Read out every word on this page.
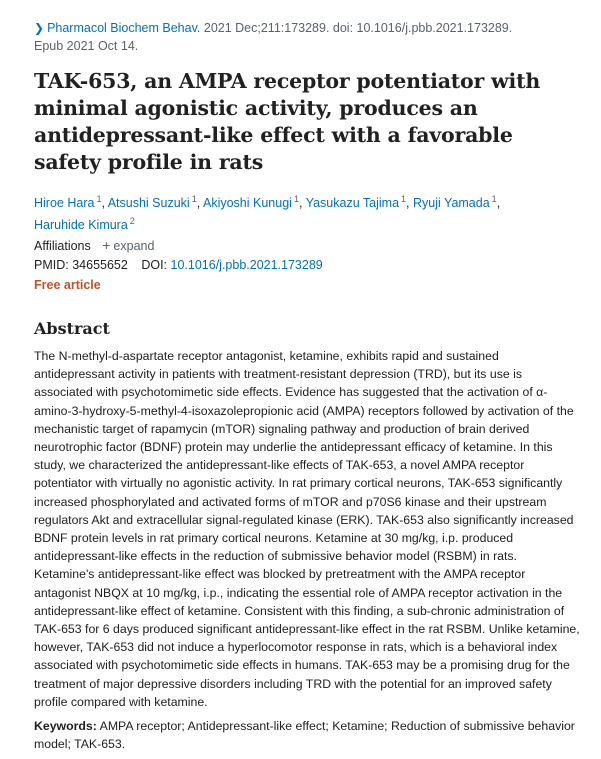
❯ Pharmacol Biochem Behav. 2021 Dec;211:173289. doi: 10.1016/j.pbb.2021.173289.
Epub 2021 Oct 14.
TAK-653, an AMPA receptor potentiator with minimal agonistic activity, produces an antidepressant-like effect with a favorable safety profile in rats
Hiroe Hara $^1$, Atsushi Suzuki $^1$, Akiyoshi Kunugi $^1$, Yasukazu Tajima $^1$, Ryuji Yamada $^1$,
Haruhide Kimura $^2$
Affiliations + expand
PMID: 34655652 DOI: 10.1016/j.pbb.2021.173289
Free article
Abstract

The N-methyl-d-aspartate receptor antagonist, ketamine, exhibits rapid and sustained antidepressant activity in patients with treatment-resistant depression (TRD), but its use is associated with psychotomimetic side effects. Evidence has suggested that the activation of α-amino-3-hydroxy-5-methyl-4-isoxazolepropionic acid (AMPA) receptors followed by activation of the mechanistic target of rapamycin (mTOR) signaling pathway and production of brain derived neurotrophic factor (BDNF) protein may underlie the antidepressant efficacy of ketamine. In this study, we characterized the antidepressant-like effects of TAK-653, a novel AMPA receptor potentiator with virtually no agonistic activity. In rat primary cortical neurons, TAK-653 significantly increased phosphorylated and activated forms of mTOR and p70S6 kinase and their upstream regulators Akt and extracellular signal-regulated kinase (ERK). TAK-653 also significantly increased BDNF protein levels in rat primary cortical neurons. Ketamine at 30 mg/kg, i.p. produced antidepressant-like effects in the reduction of submissive behavior model (RSBM) in rats. Ketamine's antidepressant-like effect was blocked by pretreatment with the AMPA receptor antagonist NBQX at 10 mg/kg, i.p., indicating the essential role of AMPA receptor activation in the antidepressant-like effect of ketamine. Consistent with this finding, a sub-chronic administration of TAK-653 for 6 days produced significant antidepressant-like effect in the rat RSBM. Unlike ketamine, however, TAK-653 did not induce a hyperlocomotor response in rats, which is a behavioral index associated with psychotomimetic side effects in humans. TAK-653 may be a promising drug for the treatment of major depressive disorders including TRD with the potential for an improved safety profile compared with ketamine.

Keywords: AMPA receptor; Antidepressant-like effect; Ketamine; Reduction of submissive behavior model; TAK-653.
